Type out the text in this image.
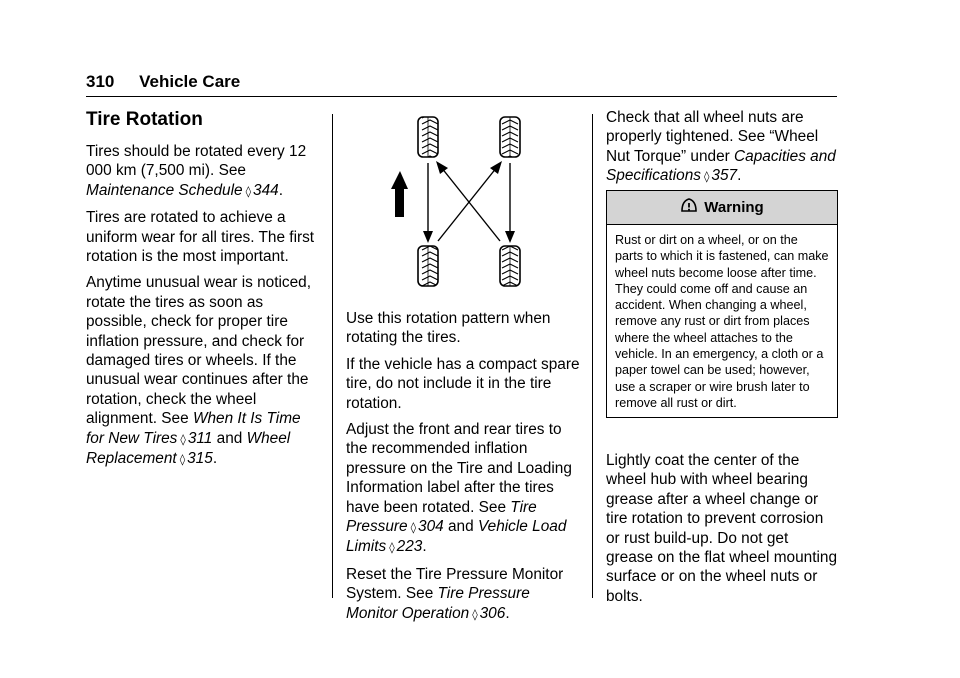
310 Vehicle Care
Tire Rotation

Tires should be rotated every 12 000 km (7,500 mi). See Maintenance Schedule ◊ 344.

Tires are rotated to achieve a uniform wear for all tires. The first rotation is the most important.

Anytime unusual wear is noticed, rotate the tires as soon as possible, check for proper tire inflation pressure, and check for damaged tires or wheels. If the unusual wear continues after the rotation, check the wheel alignment. See When It Is Time for New Tires ◊ 311 and Wheel Replacement ◊ 315.

Use this rotation pattern when rotating the tires.

If the vehicle has a compact spare tire, do not include it in the tire rotation.

Adjust the front and rear tires to the recommended inflation pressure on the Tire and Loading Information label after the tires have been rotated. See Tire Pressure ◊ 304 and Vehicle Load Limits ◊ 223.

Reset the Tire Pressure Monitor System. See Tire Pressure Monitor Operation ◊ 306.

Check that all wheel nuts are properly tightened. See “Wheel Nut Torque” under Capacities and Specifications ◊ 357.

Warning
Rust or dirt on a wheel, or on the parts to which it is fastened, can make wheel nuts become loose after time. They could come off and cause an accident. When changing a wheel, remove any rust or dirt from places where the wheel attaches to the vehicle. In an emergency, a cloth or a paper towel can be used; however, use a scraper or wire brush later to remove all rust or dirt.

Lightly coat the center of the wheel hub with wheel bearing grease after a wheel change or tire rotation to prevent corrosion or rust build-up. Do not get grease on the flat wheel mounting surface or on the wheel nuts or bolts.
